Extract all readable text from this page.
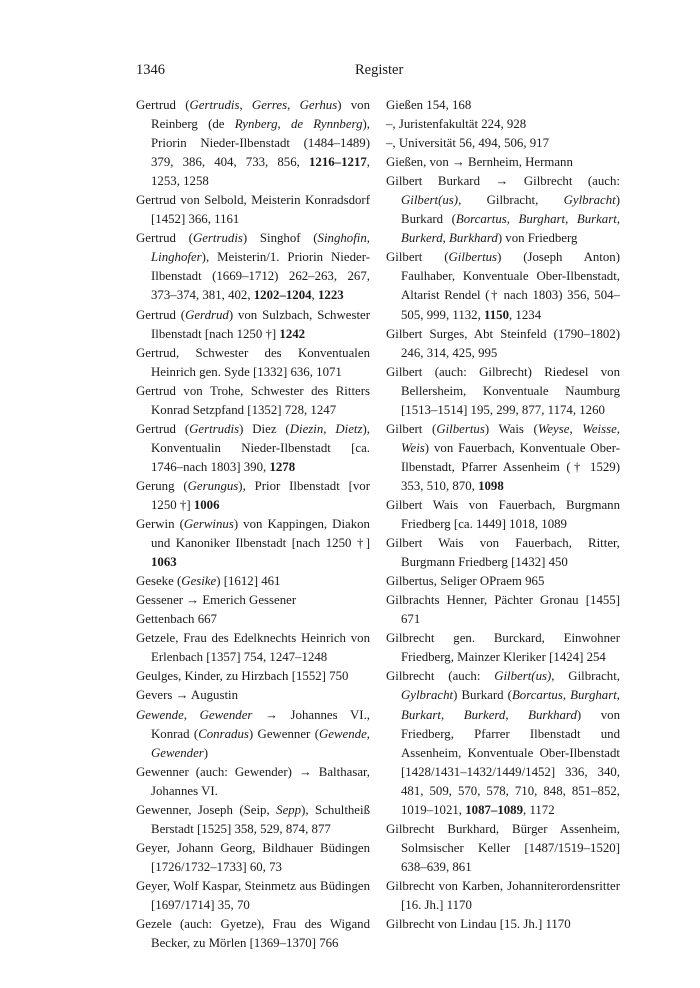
1346	Register

Gertrud (Gertrudis, Gerres, Gerhus) von Reinberg (de Rynberg, de Rynnberg), Priorin Nieder-Ilbenstadt (1484–1489) 379, 386, 404, 733, 856, 1216–1217, 1253, 1258

Gertrud von Selbold, Meisterin Konradsdorf [1452] 366, 1161

Gertrud (Gertrudis) Singhof (Singhofin, Linghofer), Meisterin/1. Priorin Nieder-Ilbenstadt (1669–1712) 262–263, 267, 373–374, 381, 402, 1202–1204, 1223

Gertrud (Gerdrud) von Sulzbach, Schwester Ilbenstadt [nach 1250 †] 1242

Gertrud, Schwester des Konventualen Heinrich gen. Syde [1332] 636, 1071

Gertrud von Trohe, Schwester des Ritters Konrad Setzpfand [1352] 728, 1247

Gertrud (Gertrudis) Diez (Diezin, Dietz), Konventualin Nieder-Ilbenstadt [ca. 1746–nach 1803] 390, 1278

Gerung (Gerungus), Prior Ilbenstadt [vor 1250 †] 1006

Gerwin (Gerwinus) von Kappingen, Diakon und Kanoniker Ilbenstadt [nach 1250 †] 1063

Geseke (Gesike) [1612] 461

Gessener → Emerich Gessener

Gettenbach 667

Getzele, Frau des Edelknechts Heinrich von Erlenbach [1357] 754, 1247–1248

Geulges, Kinder, zu Hirzbach [1552] 750

Gevers → Augustin

Gewende, Gewender → Johannes VI., Konrad (Conradus) Gewenner (Gewende, Gewender)

Gewenner (auch: Gewender) → Balthasar, Johannes VI.

Gewenner, Joseph (Seip, Sepp), Schultheiß Berstadt [1525] 358, 529, 874, 877

Geyer, Johann Georg, Bildhauer Büdingen [1726/1732–1733] 60, 73

Geyer, Wolf Kaspar, Steinmetz aus Büdingen [1697/1714] 35, 70

Gezele (auch: Gyetze), Frau des Wigand Becker, zu Mörlen [1369–1370] 766

Gießen 154, 168

–, Juristenfakultät 224, 928

–, Universität 56, 494, 506, 917

Gießen, von → Bernheim, Hermann

Gilbert Burkard → Gilbrecht (auch: Gilbert(us), Gilbracht, Gylbracht) Burkard (Borcartus, Burghart, Burkart, Burkerd, Burkhard) von Friedberg

Gilbert (Gilbertus) (Joseph Anton) Faulhaber, Konventuale Ober-Ilbenstadt, Altarist Rendel († nach 1803) 356, 504–505, 999, 1132, 1150, 1234

Gilbert Surges, Abt Steinfeld (1790–1802) 246, 314, 425, 995

Gilbert (auch: Gilbrecht) Riedesel von Bellersheim, Konventuale Naumburg [1513–1514] 195, 299, 877, 1174, 1260

Gilbert (Gilbertus) Wais (Weyse, Weisse, Weis) von Fauerbach, Konventuale Ober-Ilbenstadt, Pfarrer Assenheim († 1529) 353, 510, 870, 1098

Gilbert Wais von Fauerbach, Burgmann Friedberg [ca. 1449] 1018, 1089

Gilbert Wais von Fauerbach, Ritter, Burgmann Friedberg [1432] 450

Gilbertus, Seliger OPraem 965

Gilbrachts Henner, Pächter Gronau [1455] 671

Gilbrecht gen. Burckard, Einwohner Friedberg, Mainzer Kleriker [1424] 254

Gilbrecht (auch: Gilbert(us), Gilbracht, Gylbracht) Burkard (Borcartus, Burghart, Burkart, Burkerd, Burkhard) von Friedberg, Pfarrer Ilbenstadt und Assenheim, Konventuale Ober-Ilbenstadt [1428/1431–1432/1449/1452] 336, 340, 481, 509, 570, 578, 710, 848, 851–852, 1019–1021, 1087–1089, 1172

Gilbrecht Burkhard, Bürger Assenheim, Solmsischer Keller [1487/1519–1520] 638–639, 861

Gilbrecht von Karben, Johanniterordensritter [16. Jh.] 1170

Gilbrecht von Lindau [15. Jh.] 1170
